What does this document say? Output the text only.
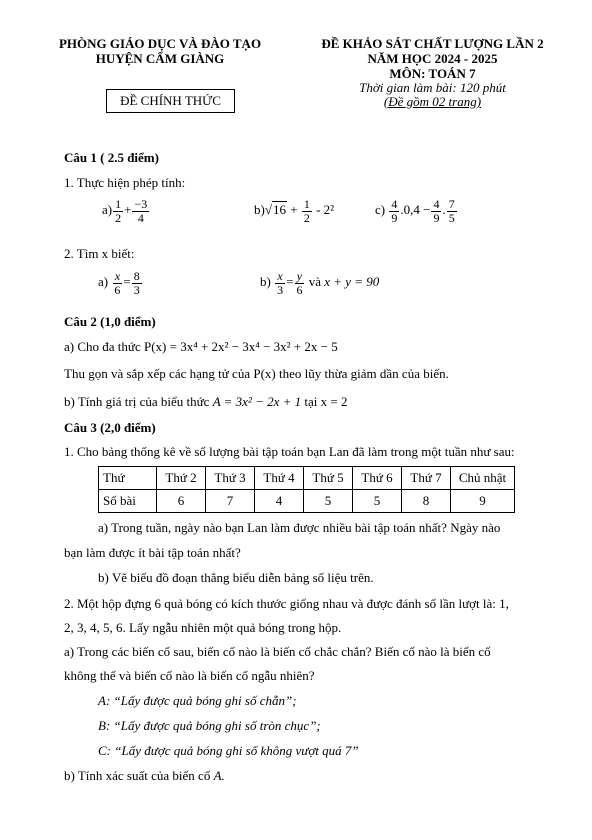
PHÒNG GIÁO DỤC VÀ ĐÀO TẠO
HUYỆN CẨM GIÀNG
ĐỀ CHÍNH THỨC
ĐỀ KHẢO SÁT CHẤT LƯỢNG LẦN 2
NĂM HỌC 2024 - 2025
MÔN: TOÁN 7
Thời gian làm bài: 120 phút
(Đề gồm 02 trang)
Câu 1 ( 2.5 điểm)
1. Thực hiện phép tính:
$a) \frac{1}{2} + \frac{-3}{4}$	$b)√16 + \frac{1}{2} - 2^2$	$c) \frac{4}{9} .0,4 - \frac{4}{9}$ . $\frac{7}{5}$
2. Tìm x biết:
$a) \frac{x}{6} = \frac{8}{3}$	$b) \frac{x}{3} = \frac{y}{6}$ và x + y = 90
Câu 2 (1,0 điểm)
a) Cho đa thức P(x) = 3x⁴ + 2x² − 3x⁴ − 3x² + 2x − 5
Thu gọn và sắp xếp các hạng tử của P(x) theo lũy thừa giảm dần của biến.
b) Tính giá trị của biểu thức A = 3x² − 2x + 1 tại x = 2
Câu 3 (2,0 điểm)
1. Cho bảng thống kê về số lượng bài tập toán bạn Lan đã làm trong một tuần như sau:
Thứ	Thứ 2	Thứ 3	Thứ 4	Thứ 5	Thứ 6	Thứ 7	Chủ nhật
Số bài	6	7	4	5	5	8	9
a) Trong tuần, ngày nào bạn Lan làm được nhiều bài tập toán nhất? Ngày nào
bạn làm được ít bài tập toán nhất?
b) Vẽ biểu đồ đoạn thẳng biểu diễn bảng số liệu trên.
2. Một hộp đựng 6 quả bóng có kích thước giống nhau và được đánh số lần lượt là: 1,
2, 3, 4, 5, 6. Lấy ngẫu nhiên một quả bóng trong hộp.
a) Trong các biến cố sau, biến cố nào là biến cố chắc chắn? Biến cố nào là biến cố
không thể và biến cố nào là biến cố ngẫu nhiên?
A: “Lấy được quả bóng ghi số chẵn”;
B: “Lấy được quả bóng ghi số tròn chục”;
C: “Lấy được quả bóng ghi số không vượt quá 7”
b) Tính xác suất của biến cố A.
